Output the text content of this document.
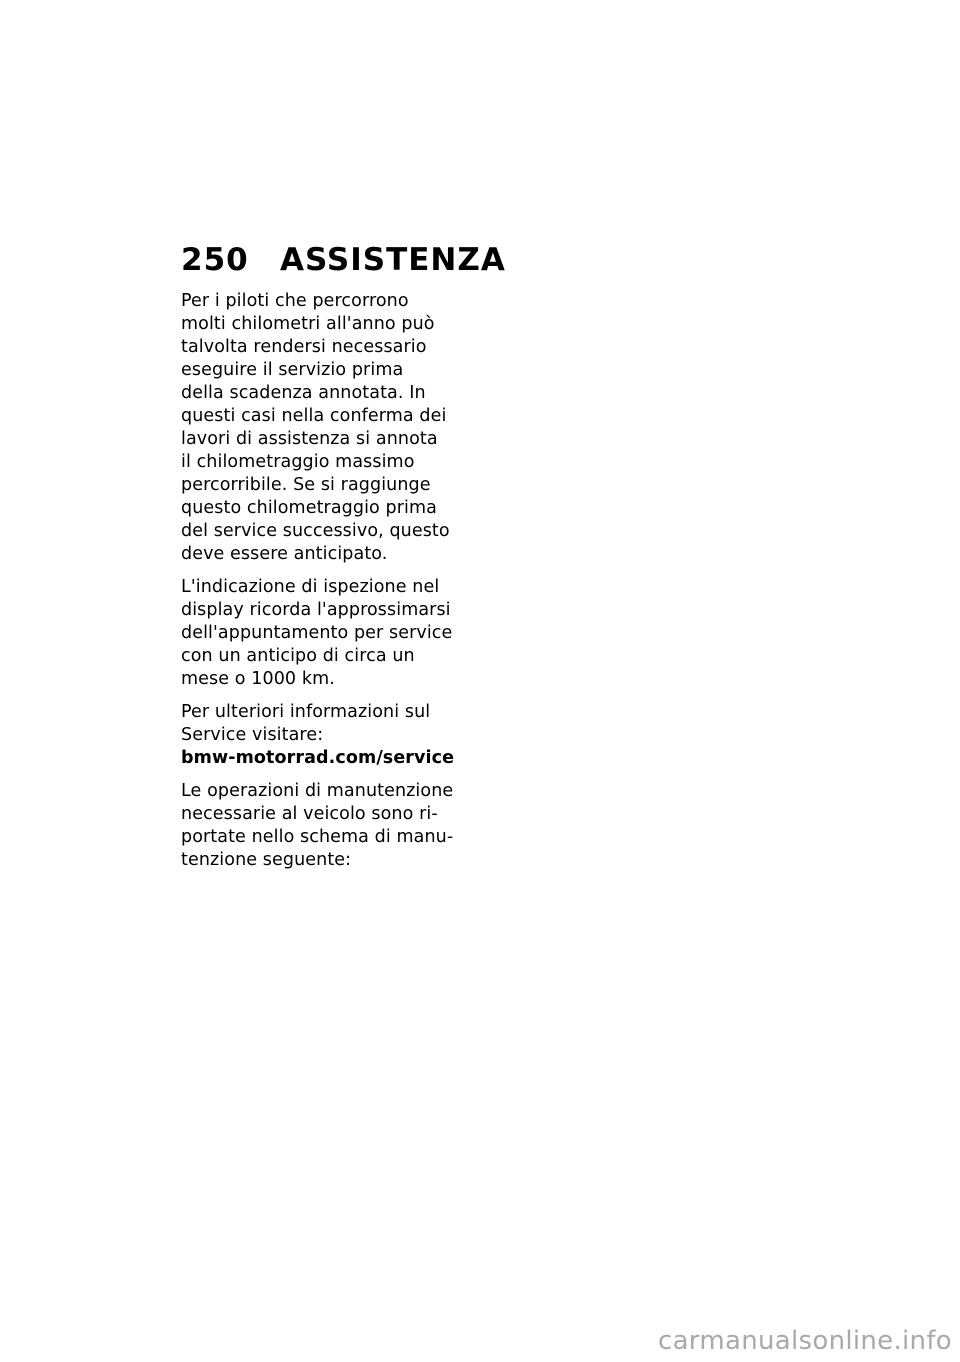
250	ASSISTENZA

Per i piloti che percorrono
molti chilometri all'anno può
talvolta rendersi necessario
eseguire il servizio prima
della scadenza annotata. In
questi casi nella conferma dei
lavori di assistenza si annota
il chilometraggio massimo
percorribile. Se si raggiunge
questo chilometraggio prima
del service successivo, questo
deve essere anticipato.

L'indicazione di ispezione nel
display ricorda l'approssimarsi
dell'appuntamento per service
con un anticipo di circa un
mese o 1000 km.

Per ulteriori informazioni sul
Service visitare:
bmw-motorrad.com/service

Le operazioni di manutenzione
necessarie al veicolo sono ri-
portate nello schema di manu-
tenzione seguente:

carmanualsonline.info
